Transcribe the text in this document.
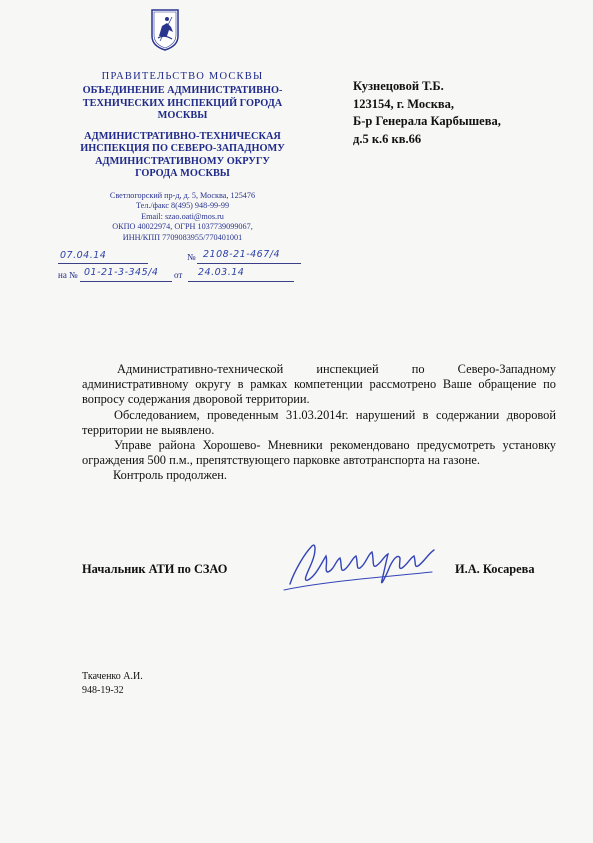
ПРАВИТЕЛЬСТВО МОСКВЫ
ОБЪЕДИНЕНИЕ АДМИНИСТРАТИВНО-
ТЕХНИЧЕСКИХ ИНСПЕКЦИЙ ГОРОДА
МОСКВЫ
АДМИНИСТРАТИВНО-ТЕХНИЧЕСКАЯ
ИНСПЕКЦИЯ ПО СЕВЕРО-ЗАПАДНОМУ
АДМИНИСТРАТИВНОМУ ОКРУГУ
ГОРОДА МОСКВЫ
Светлогорский пр-д, д. 5, Москва, 125476
Тел./факс 8(495) 948-99-99
Email: szao.oati@mos.ru
ОКПО 40022974, ОГРН 1037739099067,
ИНН/КПП 7709083955/770401001
Кузнецовой Т.Б.
123154, г. Москва,
Б-р Генерала Карбышева,
д.5 к.6 кв.66
07.04.14	№ 2108-21-467/4
на № 01-21-3-345/4 от 24.03.14

Административно-технической инспекцией по Северо-Западному административному округу в рамках компетенции рассмотрено Ваше обращение по вопросу содержания дворовой территории.

Обследованием, проведенным 31.03.2014г. нарушений в содержании дворовой территории не выявлено.

Управе района Хорошево- Мневники рекомендовано предусмотреть установку ограждения 500 п.м., препятствующего парковке автотранспорта на газоне.

Контроль продолжен.

Начальник АТИ по СЗАО	И.А. Косарева
Ткаченко А.И.
948-19-32
